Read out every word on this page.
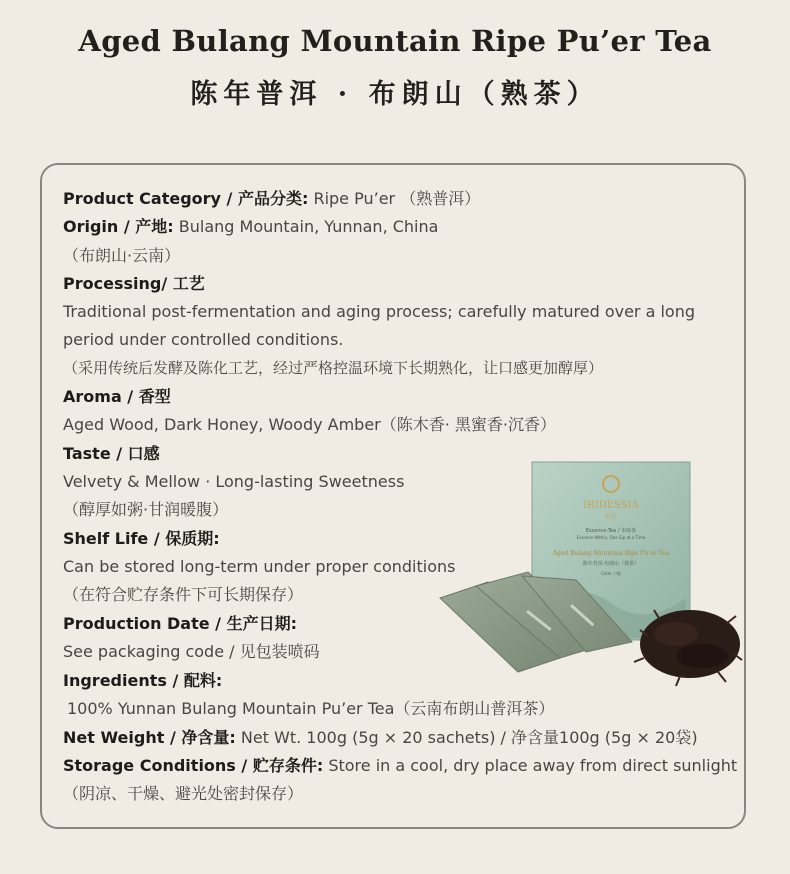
Aged Bulang Mountain Ripe Pu’er Tea
陈年普洱 · 布朗山（熟茶）
Product Category / 产品分类: Ripe Pu’er （熟普洱）
Origin / 产地: Bulang Mountain, Yunnan, China
（布朗山·云南）
Processing/ 工艺
Traditional post-fermentation and aging process; carefully matured over a long
period under controlled conditions.
（采用传统后发酵及陈化工艺，经过严格控温环境下长期熟化，让口感更加醇厚）
Aroma / 香型
Aged Wood, Dark Honey, Woody Amber（陈木香· 黑蜜香·沉香）
Taste / 口感
Velvety & Mellow · Long-lasting Sweetness
（醇厚如粥·甘润暖腹）
Shelf Life / 保质期:
Can be stored long-term under proper conditions
（在符合贮存条件下可长期保存）
Production Date / 生产日期:
See packaging code / 见包装喷码
Ingredients / 配料:
100% Yunnan Bulang Mountain Pu’er Tea（云南布朗山普洱茶）
Net Weight / 净含量: Net Wt. 100g (5g × 20 sachets) / 净含量100g (5g × 20袋)
Storage Conditions / 贮存条件: Store in a cool, dry place away from direct sunlight
（阴凉、干燥、避光处密封保存）
IRIDESSIA
彩芯
Essence·Tea / 本味茶
Essence Within, One Sip at a Time
Aged Bulang Mountain Ripe Pu’er Tea
陈年普洱·布朗山（熟茶）
Calm 宁静
